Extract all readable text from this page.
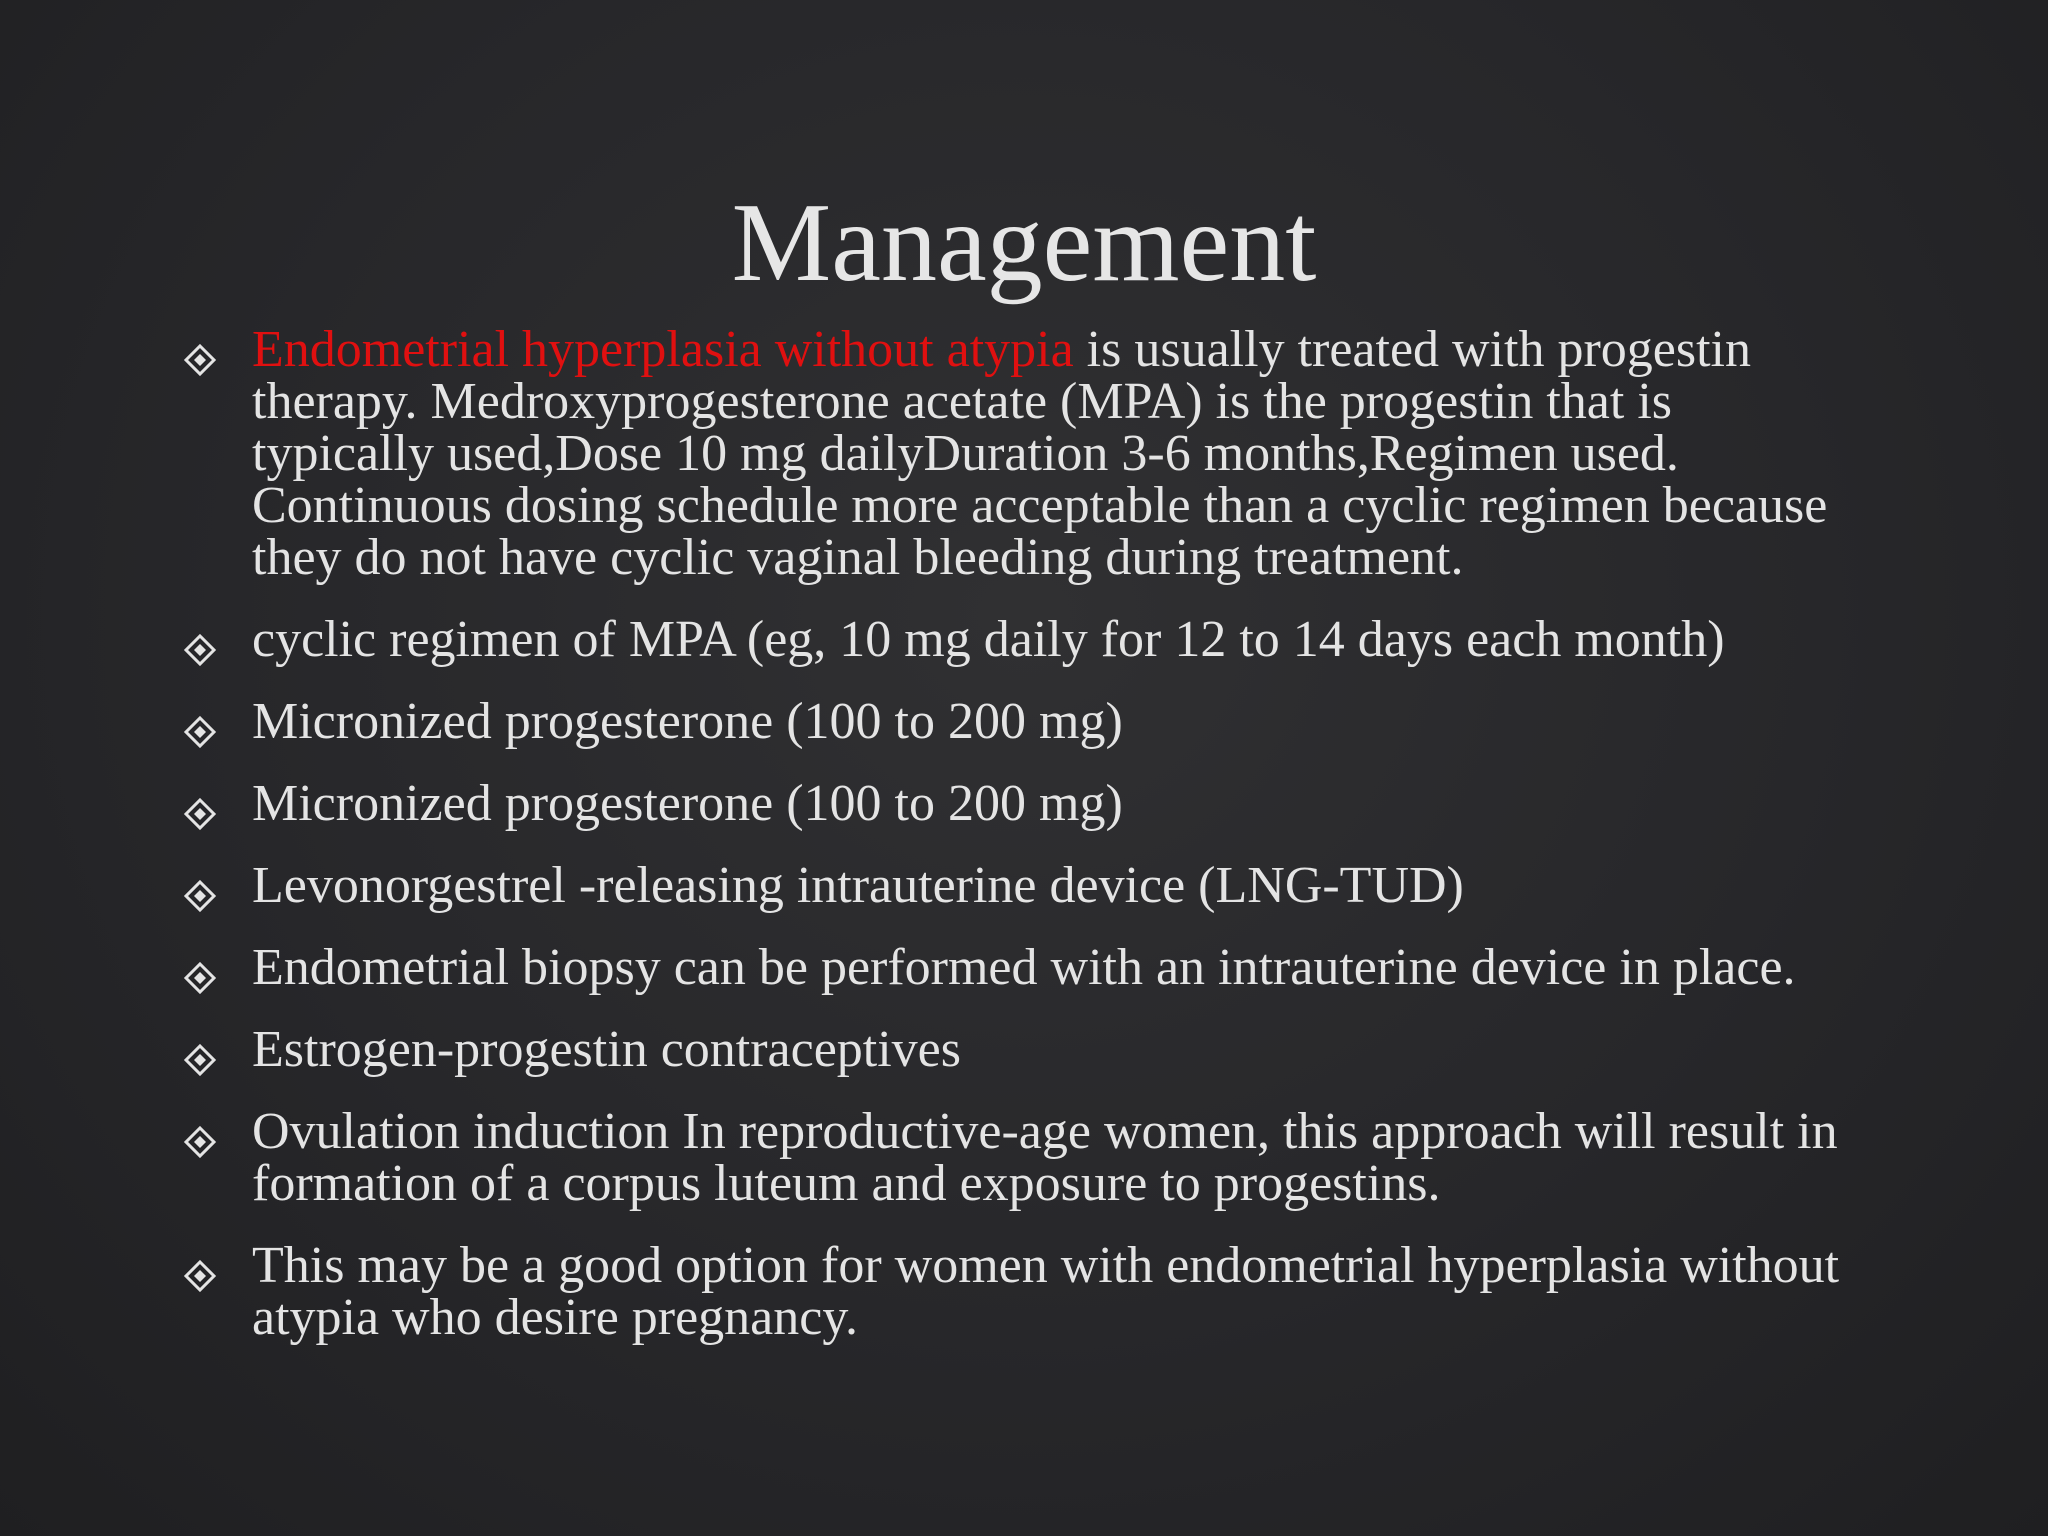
Management
Endometrial hyperplasia without atypia is usually treated with progestin therapy. Medroxyprogesterone acetate (MPA) is the progestin that is typically used,Dose 10 mg dailyDuration 3-6 months,Regimen used. Continuous dosing schedule more acceptable than a cyclic regimen because they do not have cyclic vaginal bleeding during treatment.
cyclic regimen of MPA (eg, 10 mg daily for 12 to 14 days each month)
Micronized progesterone (100 to 200 mg)
Micronized progesterone (100 to 200 mg)
Levonorgestrel -releasing intrauterine device (LNG-TUD)
Endometrial biopsy can be performed with an intrauterine device in place.
Estrogen-progestin contraceptives
Ovulation induction In reproductive-age women, this approach will result in formation of a corpus luteum and exposure to progestins.
This may be a good option for women with endometrial hyperplasia without atypia who desire pregnancy.
